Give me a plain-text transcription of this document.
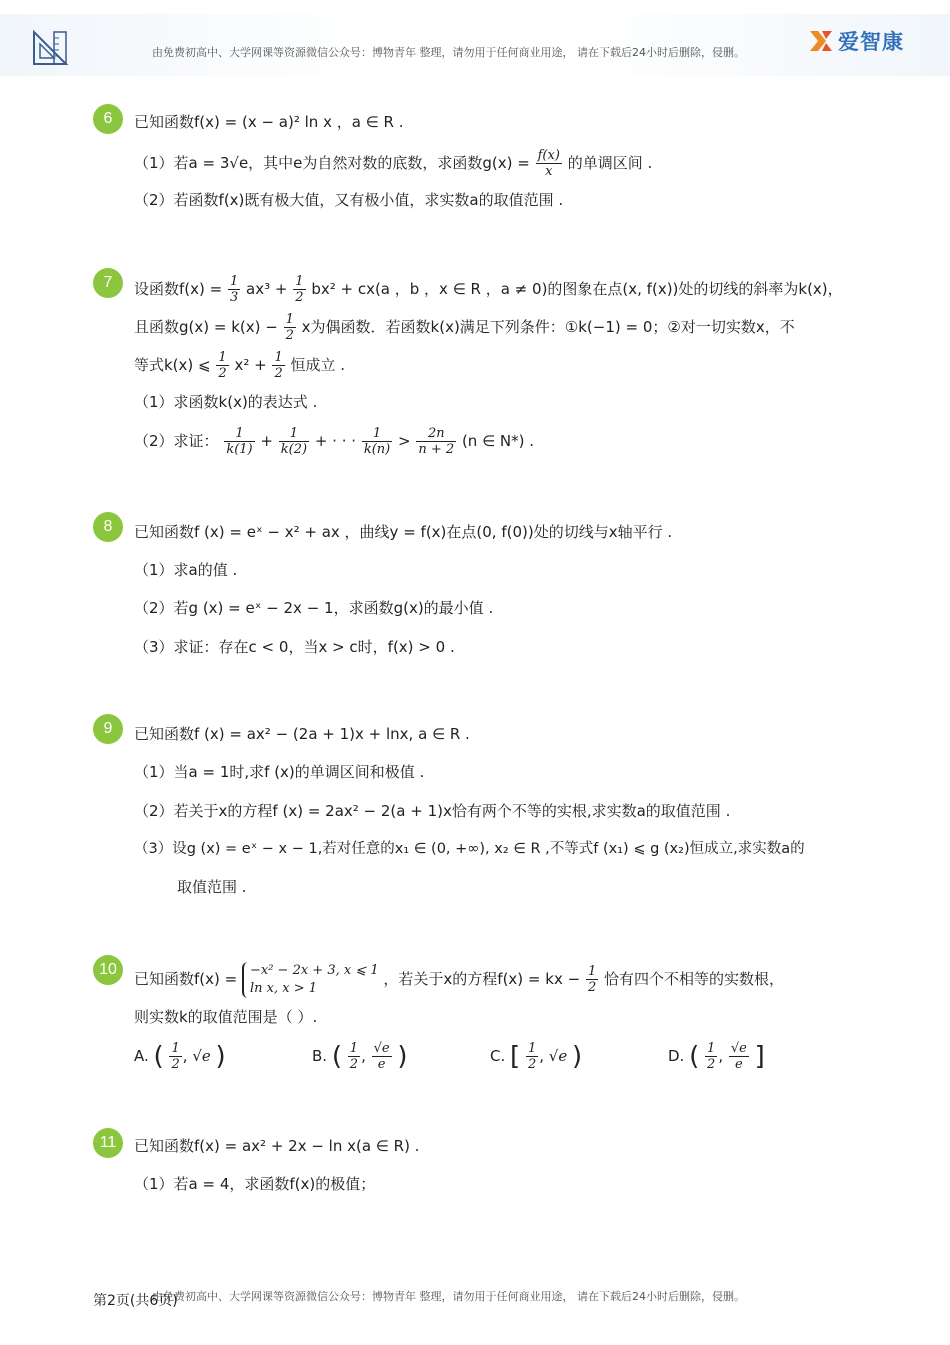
由免费初高中、大学网课等资源微信公众号：博物青年 整理，请勿用于任何商业用途， 请在下载后24小时后删除，侵删。	爱智康
6	已知函数f(x) = (x − a)² ln x ，a ∈ R .
（1）若a = 3√e，其中e为自然对数的底数，求函数$g(x) = \frac{f(x)}{x}$ 的单调区间 .
（2）若函数f(x)既有极大值，又有极小值，求实数a的取值范围 .
7	设函数$f(x) = \frac{1}{3} ax^3 + \frac{1}{2} bx^2 + cx(a$ ，b ，x ∈ R ，a ≠ 0)的图象在点(x, f(x))处的切线的斜率为k(x)，
且函数$g(x) = k(x) - \frac{1}{2}$ x为偶函数．若函数k(x)满足下列条件：①k(−1) = 0；②对一切实数x，不
等式k(x) ⩽ $\frac{1}{2} x^2 + \frac{1}{2}$ 恒成立 .
（1）求函数k(x)的表达式 .
（2）求证： $\frac{1}{k(1)} + \frac{1}{k(2)}$ + · · · $\frac{1}{k(n)} > \frac{2n}{n + 2} (n$ ∈ N*) .
8	已知函数f (x) = eˣ − x² + ax ，曲线y = f(x)在点(0, f(0))处的切线与x轴平行 .
（1）求a的值 .
（2）若g (x) = eˣ − 2x − 1，求函数g(x)的最小值 .
（3）求证：存在c < 0，当x > c时，f(x) > 0 .
9	已知函数f (x) = ax² − (2a + 1)x + lnx, a ∈ R .
（1）当a = 1时,求f (x)的单调区间和极值 .
（2）若关于x的方程f (x) = 2ax² − 2(a + 1)x恰有两个不等的实根,求实数a的取值范围 .
（3）设g (x) = eˣ − x − 1,若对任意的x₁ ∈ (0, +∞), x₂ ∈ R ,不等式f (x₁) ⩽ g (x₂)恒成立,求实数a的
取值范围 .
10
已知函数f(x) = −x² − 2x + 3, x ⩽ 1
ln x, x > 1	，若关于x的方程f(x) = kx − $\frac{1}{2}$ 恰有四个不相等的实数根，
则实数k的取值范围是（ ）.
A. ( $\frac{1}{2}$ , √e )	B. ( $\frac{1}{2}$ , $\frac{√e}{e}$ )	C. [ $\frac{1}{2}$ , √e )	D. ( $\frac{1}{2}$ , $\frac{√e}{e}$ ]
11	已知函数f(x) = ax² + 2x − ln x(a ∈ R) .
（1）若a = 4，求函数f(x)的极值；
由免费初高中、大学网课等资源微信公众号：博物青年 整理，请勿用于任何商业用途， 请在下载后24小时后删除，侵删。
第2页(共6页)
